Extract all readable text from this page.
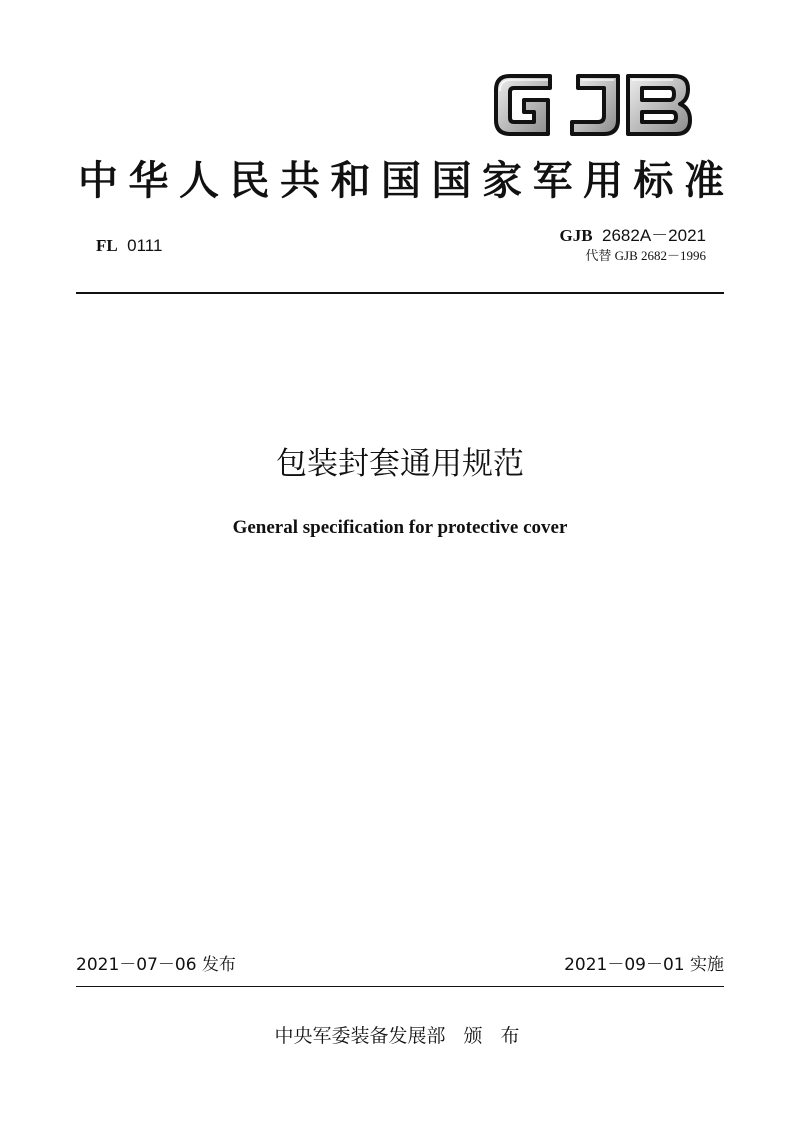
中华人民共和国国家军用标准
FL 0111
GJB 2682A－2021
代替 GJB 2682－1996
包装封套通用规范
General specification for protective cover
2021－07－06 发布	2021－09－01 实施
中央军委装备发展部 颁 布
